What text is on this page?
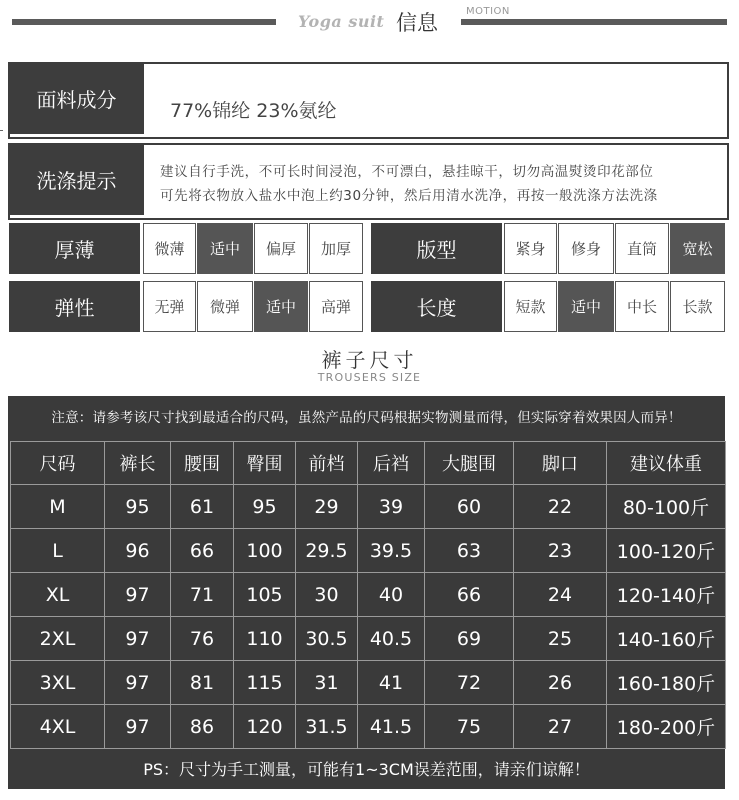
Yoga suit 信息	MOTION
面料成分	77%锦纶 23%氨纶
洗涤提示	建议自行手洗，不可长时间浸泡，不可漂白，悬挂晾干，切勿高温熨烫印花部位
可先将衣物放入盐水中泡上约30分钟，然后用清水洗净，再按一般洗涤方法洗涤
厚薄	微薄	适中	偏厚	加厚	版型	紧身	修身	直筒	宽松
弹性	无弹	微弹	适中	高弹	长度	短款	适中	中长	长款
裤子尺寸
TROUSERS SIZE
注意：请参考该尺寸找到最适合的尺码，虽然产品的尺码根据实物测量而得，但实际穿着效果因人而异！
尺码	裤长	腰围	臀围	前档	后裆	大腿围	脚口	建议体重
M	95	61	95	29	39	60	22	80-100斤
L	96	66	100	29.5	39.5	63	23	100-120斤
XL	97	71	105	30	40	66	24	120-140斤
2XL	97	76	110	30.5	40.5	69	25	140-160斤
3XL	97	81	115	31	41	72	26	160-180斤
4XL	97	86	120	31.5	41.5	75	27	180-200斤
PS：尺寸为手工测量，可能有1~3CM误差范围，请亲们谅解！
